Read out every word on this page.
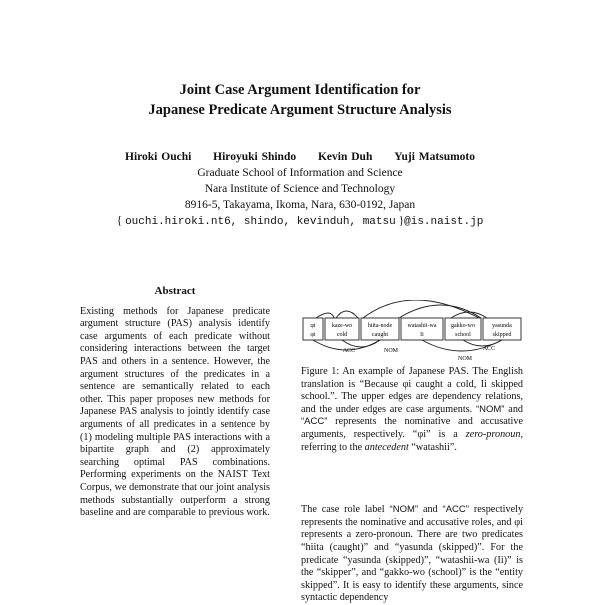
Joint Case Argument Identification for
Japanese Predicate Argument Structure Analysis
Hiroki Ouchi Hiroyuki Shindo Kevin Duh Yuji Matsumoto
Graduate School of Information and Science
Nara Institute of Science and Technology
8916-5, Takayama, Ikoma, Nara, 630-0192, Japan
{ ouchi.hiroki.nt6, shindo, kevinduh, matsu }@is.naist.jp
Abstract

Existing methods for Japanese predicate argument structure (PAS) analysis identify case arguments of each predicate without considering interactions between the target PAS and others in a sentence. However, the argument structures of the predicates in a sentence are semantically related to each other. This paper proposes new methods for Japanese PAS analysis to jointly identify case arguments of all predicates in a sentence by (1) modeling multiple PAS interactions with a bipartite graph and (2) approximately searching optimal PAS combinations. Performing experiments on the NAIST Text Corpus, we demonstrate that our joint analysis methods substantially outperform a strong baseline and are comparable to previous work.

φi
φi
kaze-wo
cold
hiita-node
caught
watashii-wa
Ii
gakko-wo
school
yasunda
skipped
ACC	NOM	ACC
NOM

Figure 1: An example of Japanese PAS. The English translation is “Because φi caught a cold, Ii skipped school.”. The upper edges are dependency relations, and the under edges are case arguments. “NOM” and “ACC” represents the nominative and accusative arguments, respectively. “φi” is a zero-pronoun, referring to the antecedent “watashii”.

The case role label “NOM” and “ACC” respectively represents the nominative and accusative roles, and φi represents a zero-pronoun. There are two predicates “hiita (caught)” and “yasunda (skipped)”. For the predicate “yasunda (skipped)”, “watashii-wa (Ii)” is the “skipper”, and “gakko-wo (school)” is the “entity skipped”. It is easy to identify these arguments, since syntactic dependency
